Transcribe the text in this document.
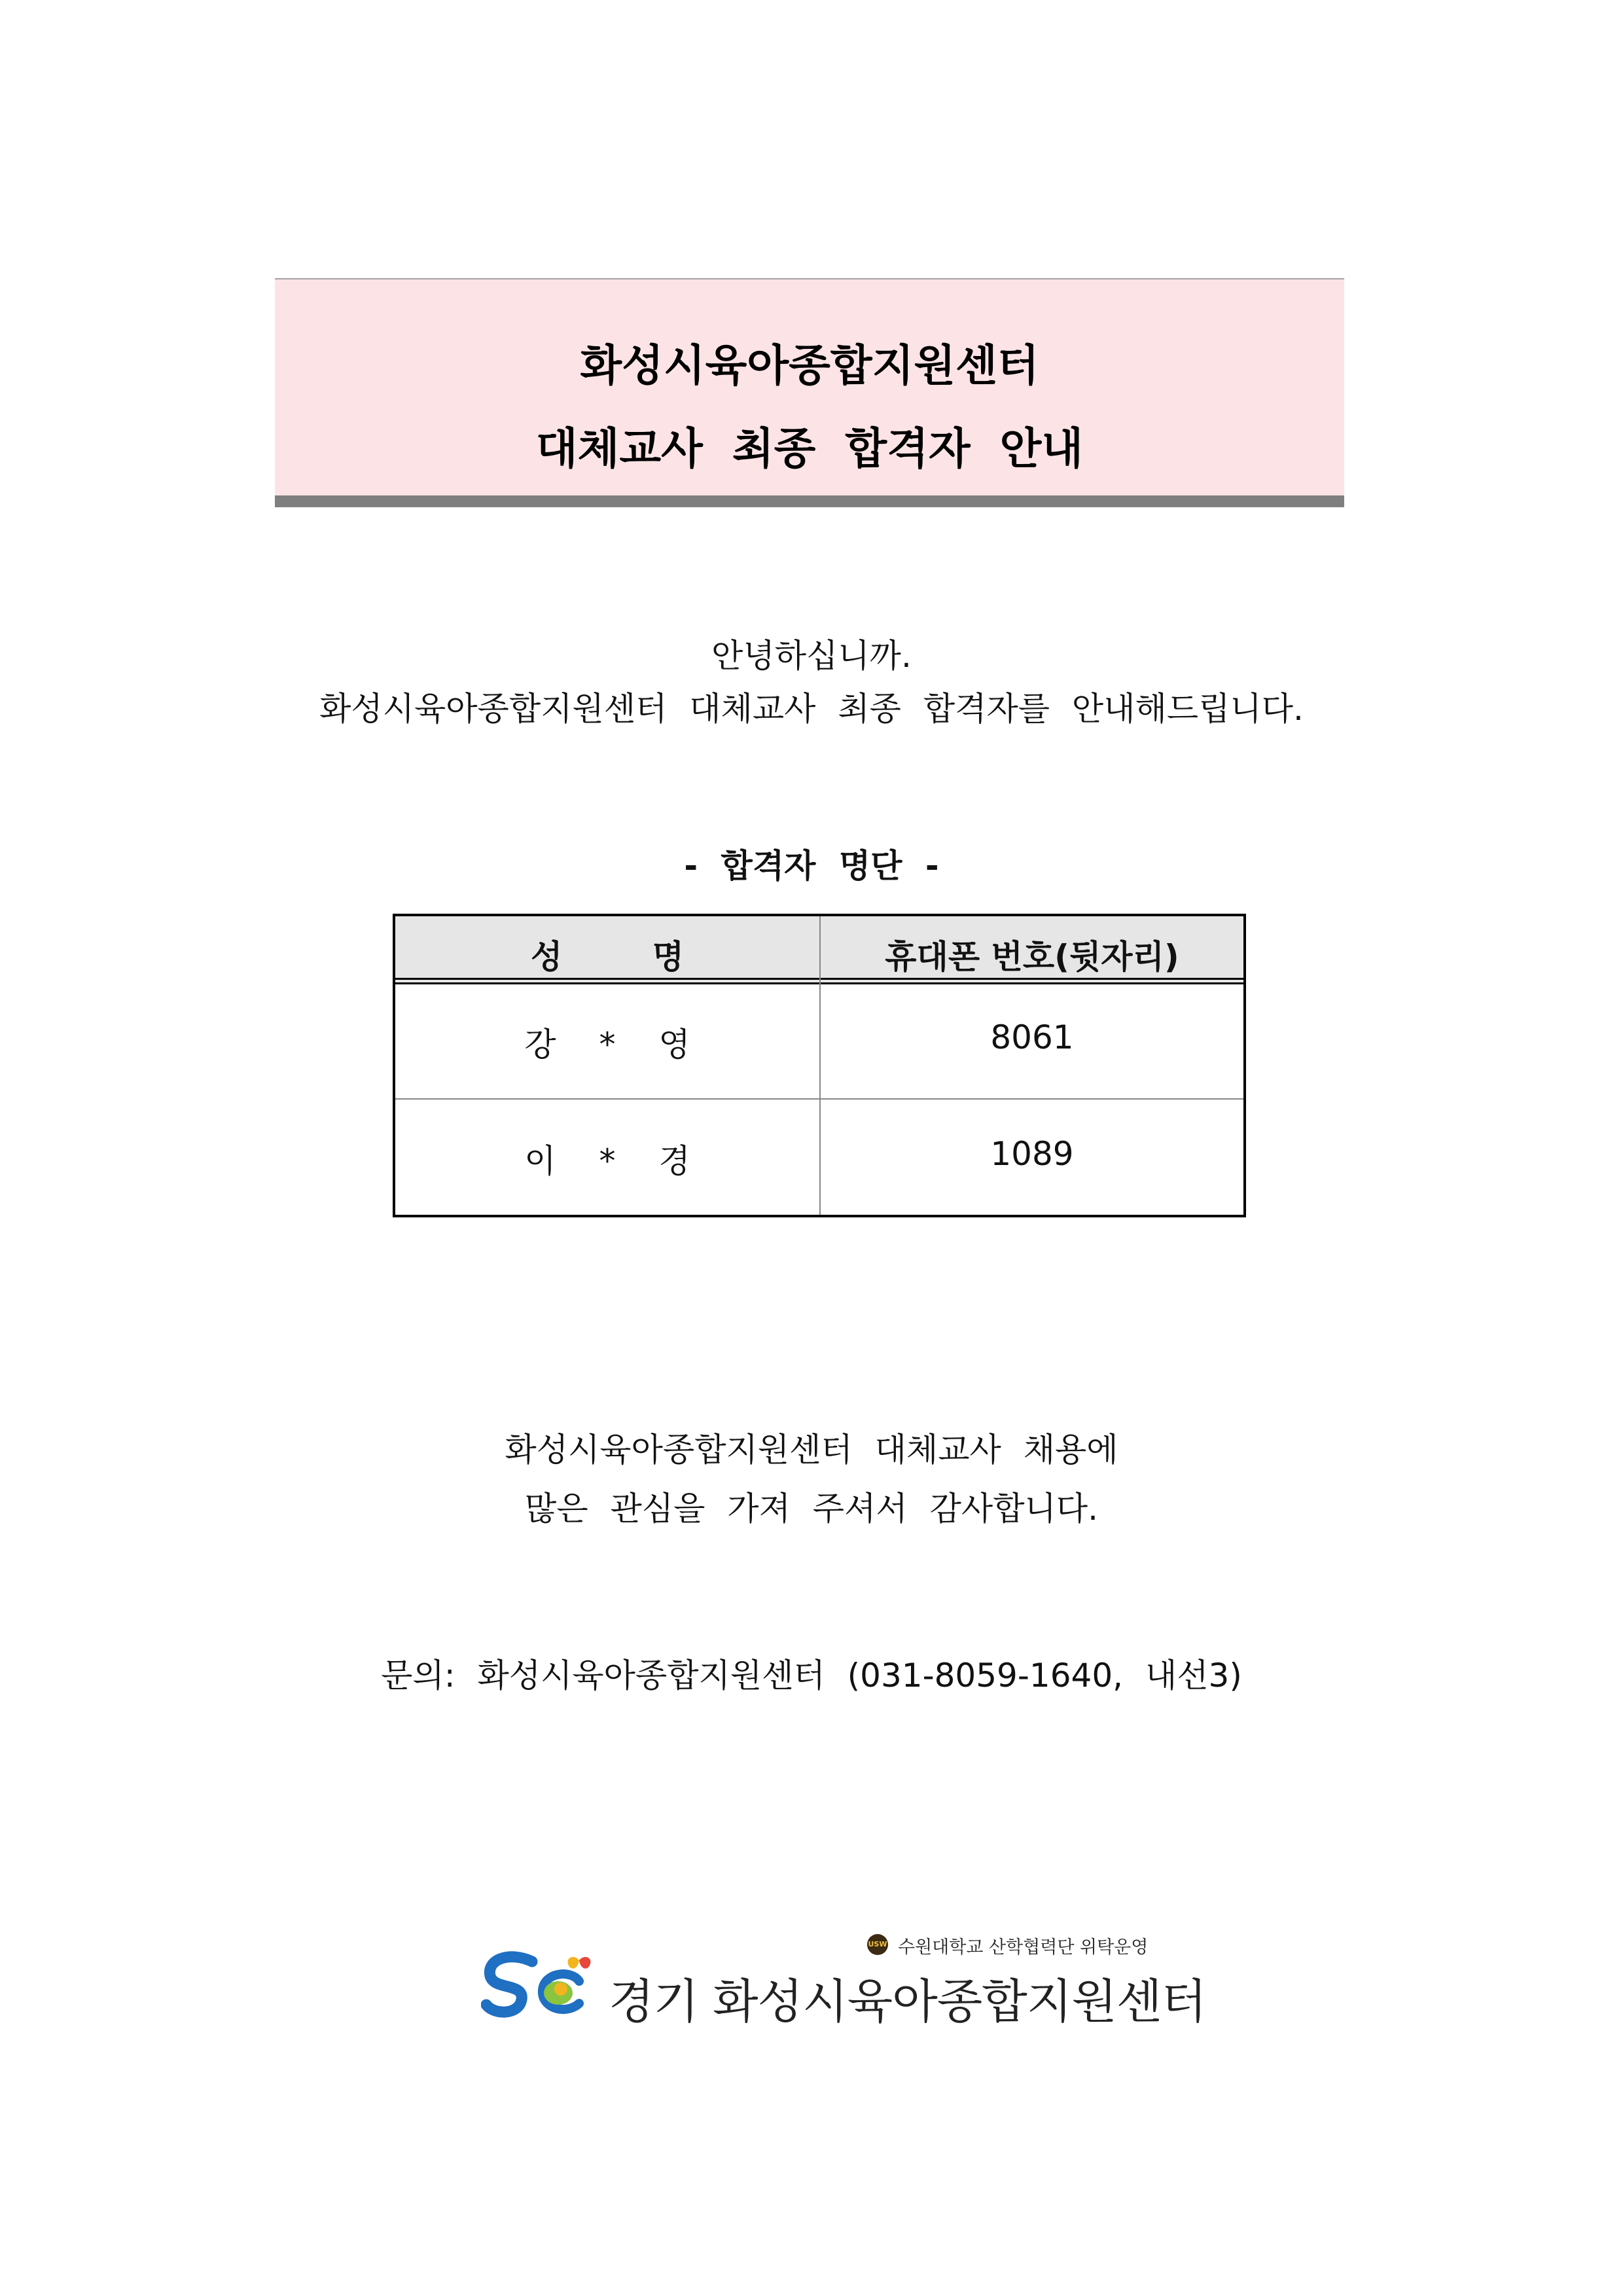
화성시육아종합지원센터
대체교사 최종 합격자 안내
안녕하십니까.
화성시육아종합지원센터 대체교사 최종 합격자를 안내해드립니다.
- 합격자 명단 -
성 명	휴대폰 번호(뒷자리)
강 * 영	8061
이 * 경	1089
화성시육아종합지원센터 대체교사 채용에
많은 관심을 가져 주셔서 감사합니다.
문의: 화성시육아종합지원센터 (031-8059-1640, 내선3)
USW 수원대학교 산학협력단 위탁운영
경기 화성시육아종합지원센터
